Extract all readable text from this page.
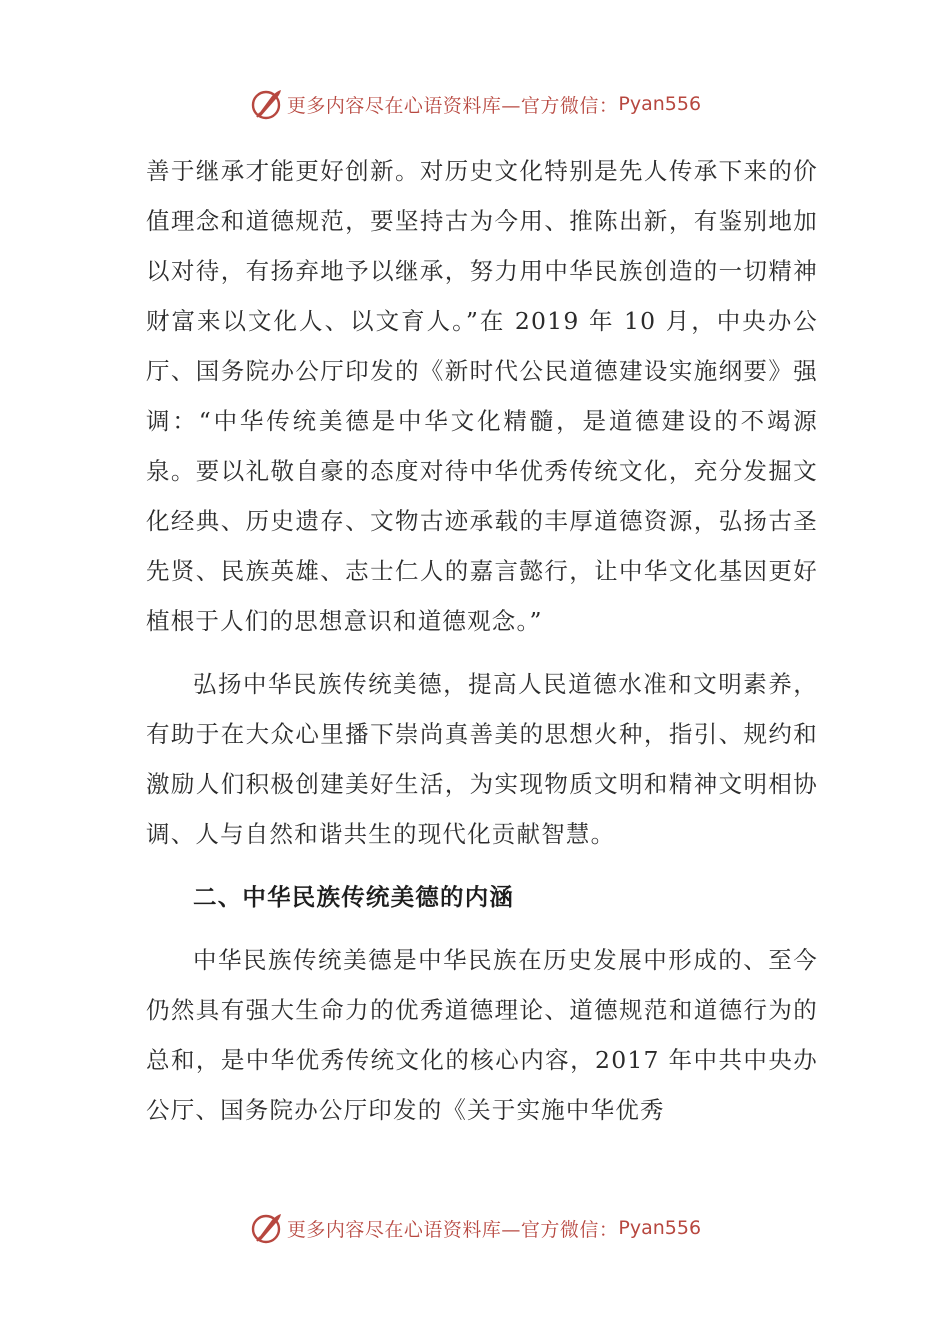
更多内容尽在心语资料库—官方微信： Pyan556

善于继承才能更好创新。对历史文化特别是先人传承下来的价值理念和道德规范，要坚持古为今用、推陈出新，有鉴别地加以对待，有扬弃地予以继承，努力用中华民族创造的一切精神财富来以文化人、以文育人。”在 2019 年 10 月，中央办公厅、国务院办公厅印发的《新时代公民道德建设实施纲要》强调：“中华传统美德是中华文化精髓，是道德建设的不竭源泉。要以礼敬自豪的态度对待中华优秀传统文化，充分发掘文化经典、历史遗存、文物古迹承载的丰厚道德资源，弘扬古圣先贤、民族英雄、志士仁人的嘉言懿行，让中华文化基因更好植根于人们的思想意识和道德观念。”

弘扬中华民族传统美德，提高人民道德水准和文明素养，有助于在大众心里播下崇尚真善美的思想火种，指引、规约和激励人们积极创建美好生活，为实现物质文明和精神文明相协调、人与自然和谐共生的现代化贡献智慧。

二、中华民族传统美德的内涵

中华民族传统美德是中华民族在历史发展中形成的、至今仍然具有强大生命力的优秀道德理论、道德规范和道德行为的总和，是中华优秀传统文化的核心内容，2017 年中共中央办公厅、国务院办公厅印发的《关于实施中华优秀

更多内容尽在心语资料库—官方微信： Pyan556
